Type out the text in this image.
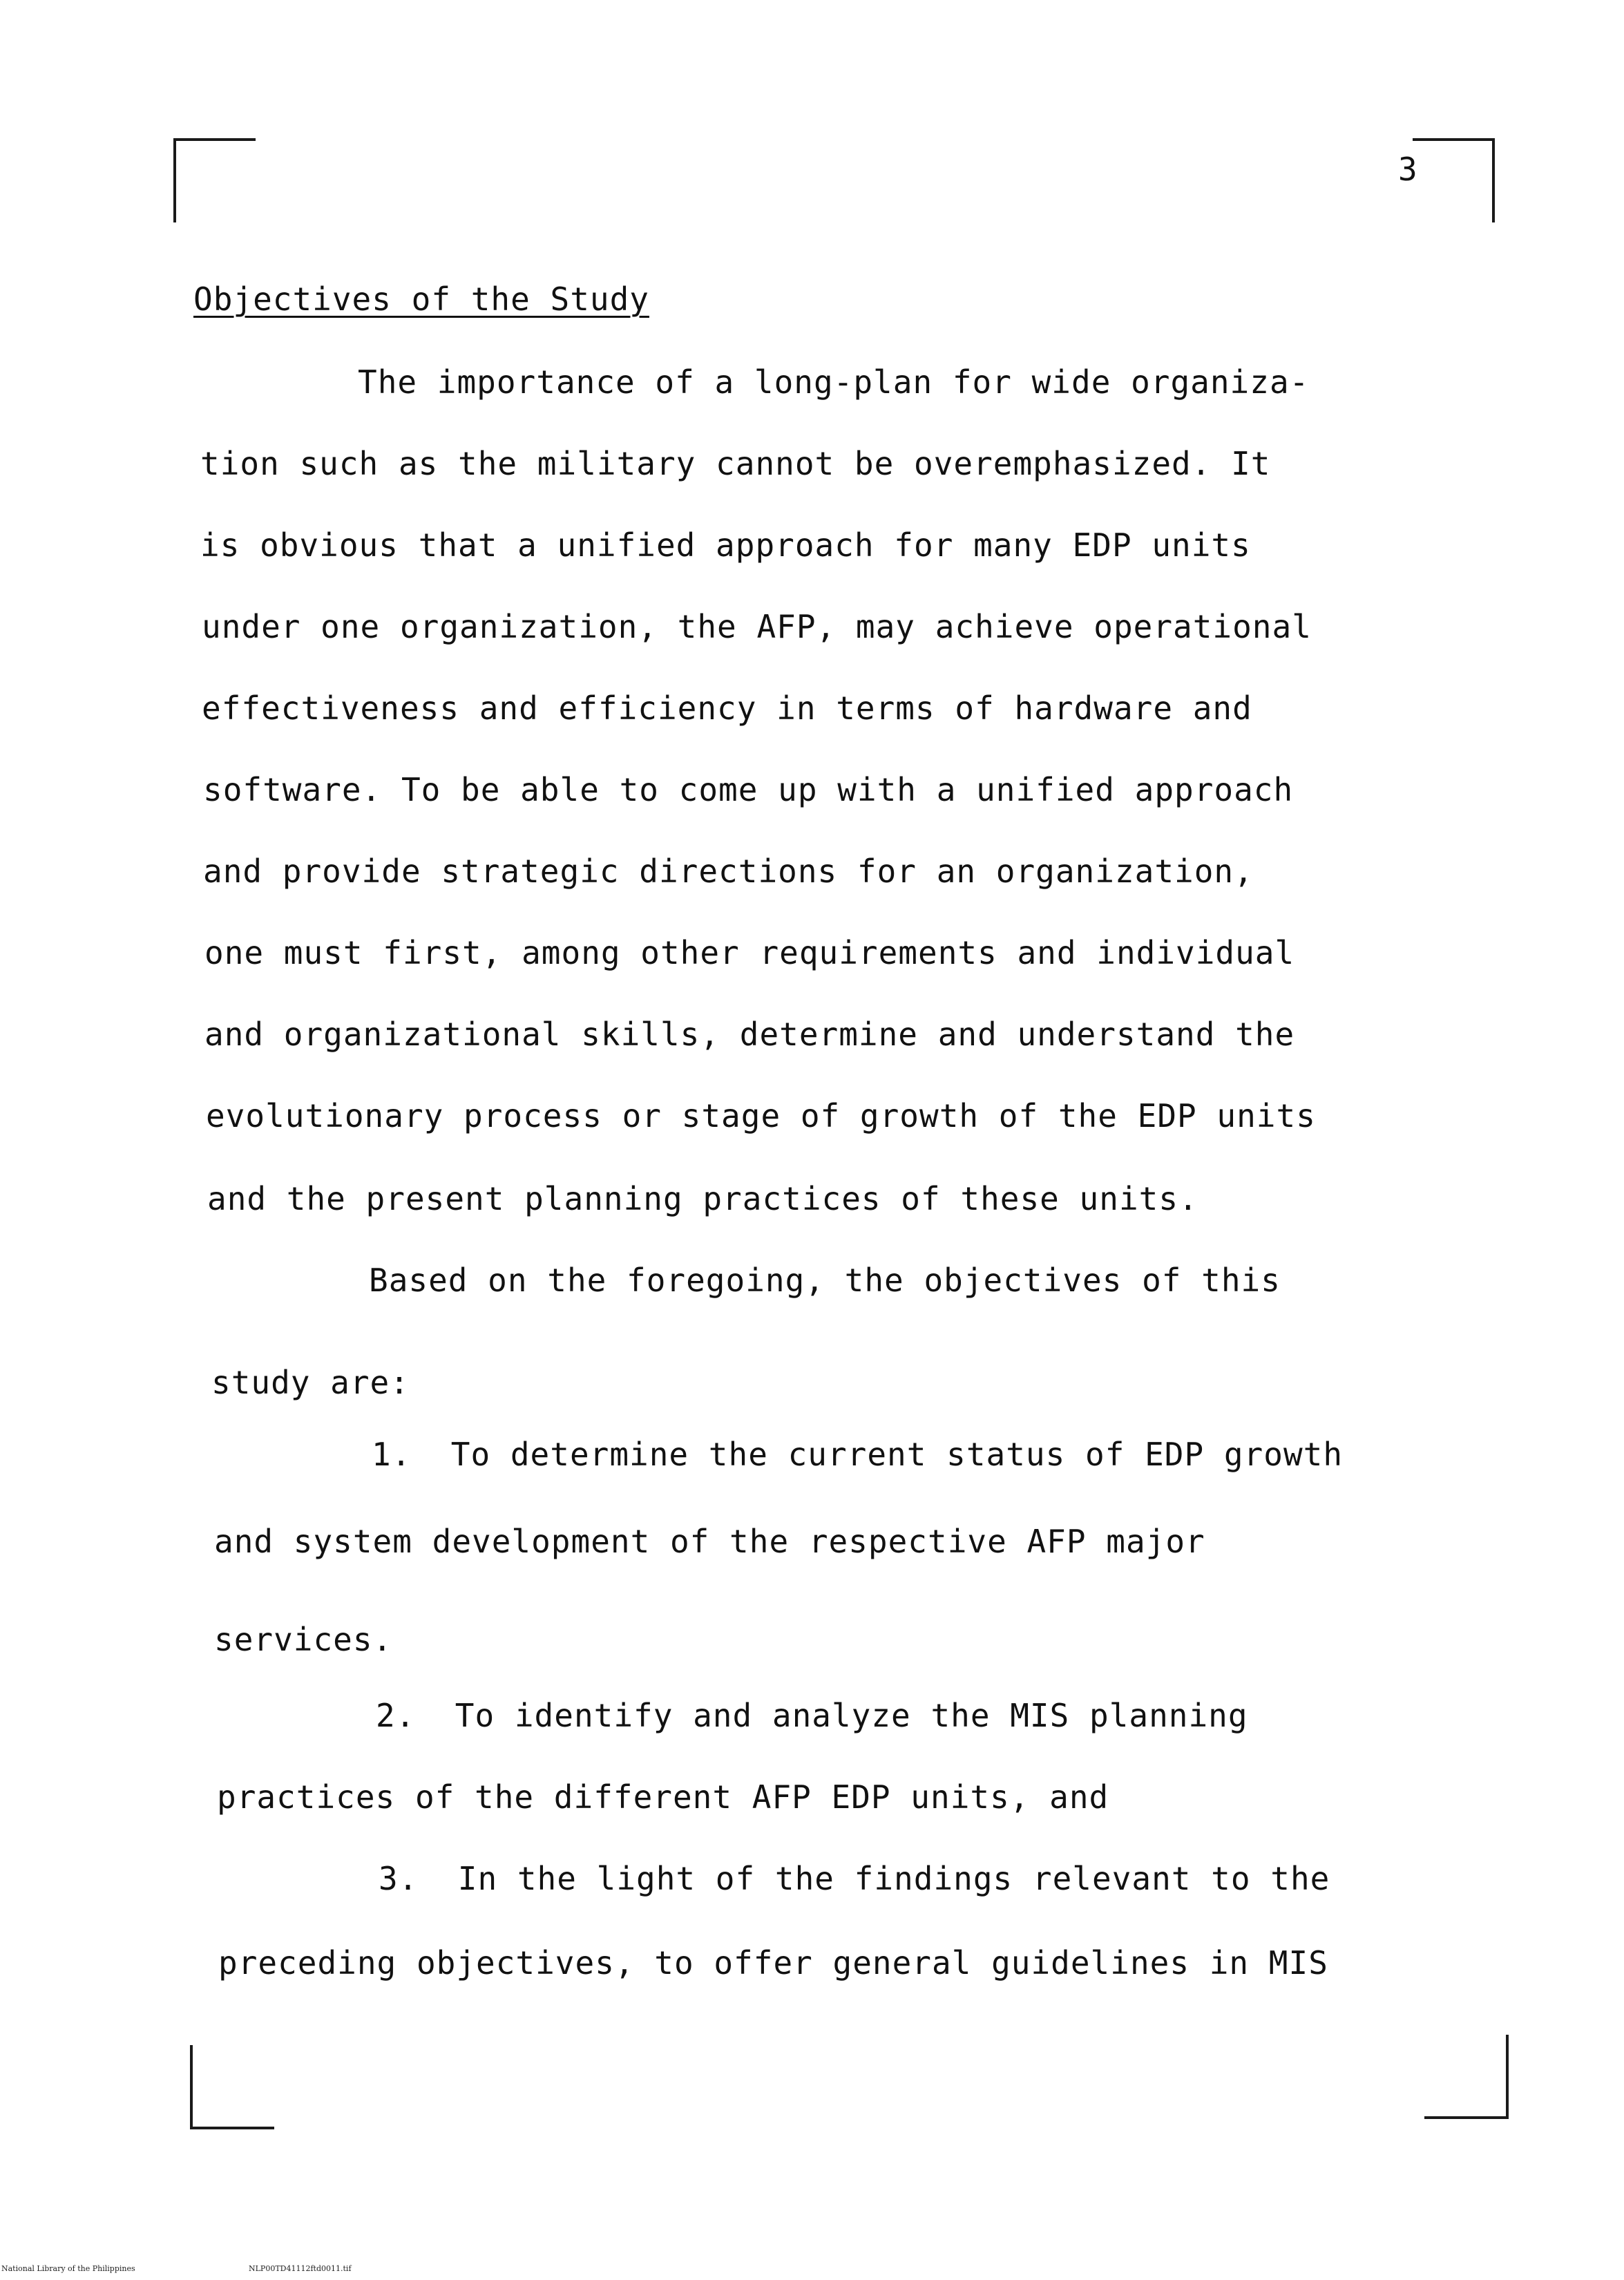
3
Objectives of the Study
The importance of a long-plan for wide organiza-
tion such as the military cannot be overemphasized. It
is obvious that a unified approach for many EDP units
under one organization, the AFP, may achieve operational
effectiveness and efficiency in terms of hardware and
software. To be able to come up with a unified approach
and provide strategic directions for an organization,
one must first, among other requirements and individual
and organizational skills, determine and understand the
evolutionary process or stage of growth of the EDP units
and the present planning practices of these units.
Based on the foregoing, the objectives of this
study are:
1. To determine the current status of EDP growth
and system development of the respective AFP major
services.
2. To identify and analyze the MIS planning
practices of the different AFP EDP units, and
3. In the light of the findings relevant to the
preceding objectives, to offer general guidelines in MIS
National Library of the Philippines	NLP00TD41112ftd0011.tif
